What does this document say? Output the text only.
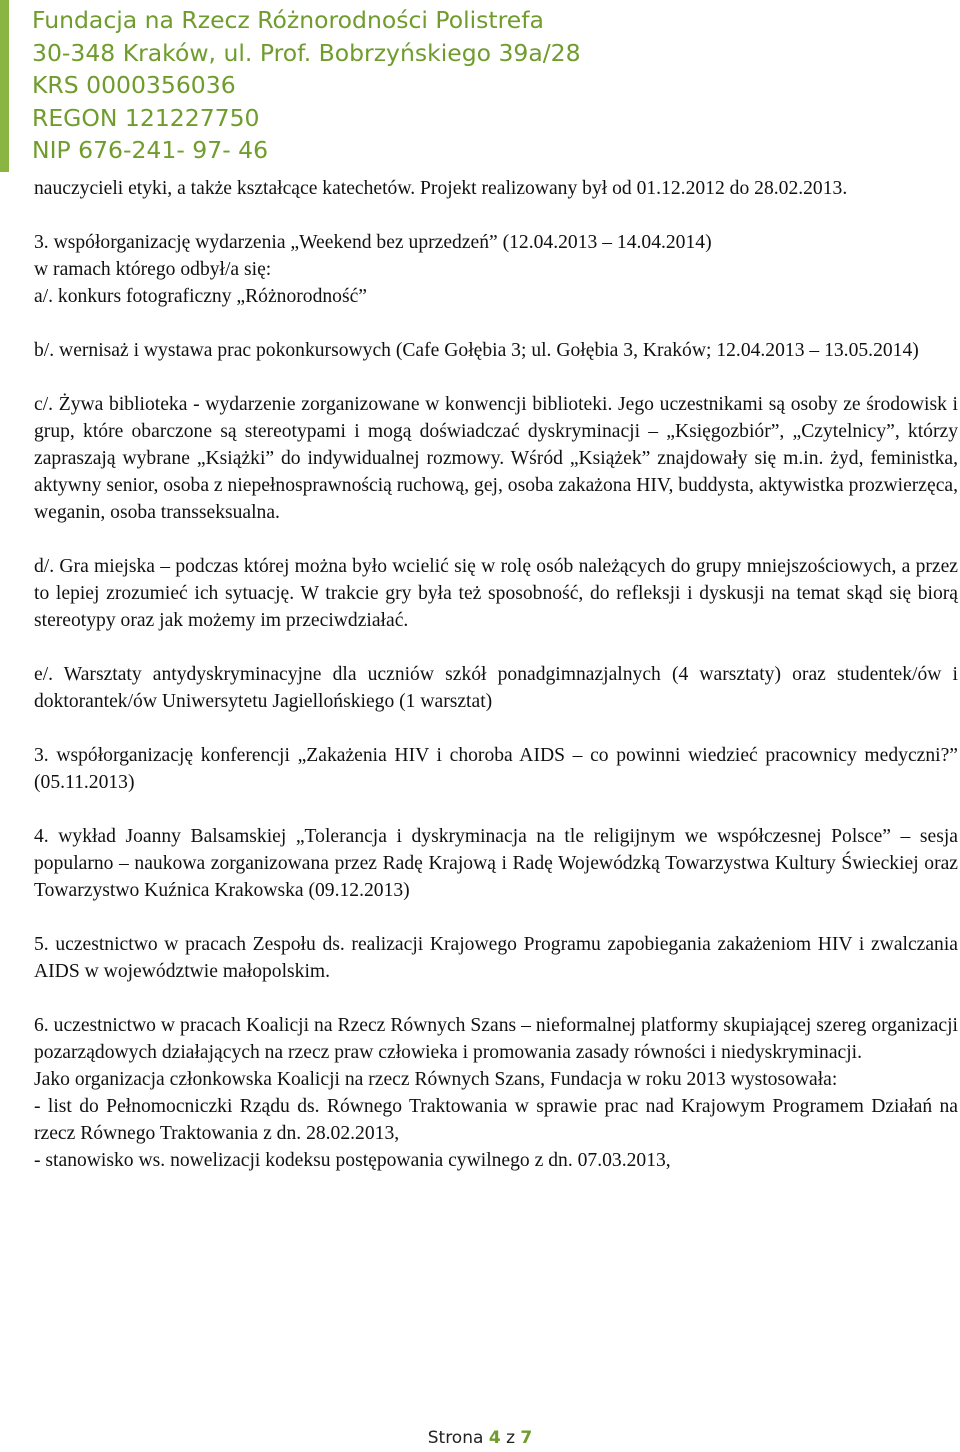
Fundacja na Rzecz Różnorodności Polistrefa
30-348 Kraków, ul. Prof. Bobrzyńskiego 39a/28
KRS 0000356036
REGON 121227750
NIP 676-241- 97- 46

nauczycieli etyki, a także kształcące katechetów. Projekt realizowany był od 01.12.2012 do 28.02.2013.

3. współorganizację wydarzenia „Weekend bez uprzedzeń” (12.04.2013 – 14.04.2014)

w ramach którego odbył/a się:

a/. konkurs fotograficzny „Różnorodność”

b/. wernisaż i wystawa prac pokonkursowych (Cafe Gołębia 3; ul. Gołębia 3, Kraków; 12.04.2013 – 13.05.2014)

c/. Żywa biblioteka - wydarzenie zorganizowane w konwencji biblioteki. Jego uczestnikami są osoby ze środowisk i grup, które obarczone są stereotypami i mogą doświadczać dyskryminacji – „Księgozbiór”, „Czytelnicy”, którzy zapraszają wybrane „Książki” do indywidualnej rozmowy. Wśród „Książek” znajdowały się m.in. żyd, feministka, aktywny senior, osoba z niepełnosprawnością ruchową, gej, osoba zakażona HIV, buddysta, aktywistka prozwierzęca, weganin, osoba transseksualna.

d/. Gra miejska – podczas której można było wcielić się w rolę osób należących do grupy mniejszościowych, a przez to lepiej zrozumieć ich sytuację. W trakcie gry była też sposobność, do refleksji i dyskusji na temat skąd się biorą stereotypy oraz jak możemy im przeciwdziałać.

e/. Warsztaty antydyskryminacyjne dla uczniów szkół ponadgimnazjalnych (4 warsztaty) oraz studentek/ów i doktorantek/ów Uniwersytetu Jagiellońskiego (1 warsztat)

3. współorganizację konferencji „Zakażenia HIV i choroba AIDS – co powinni wiedzieć pracownicy medyczni?” (05.11.2013)

4. wykład Joanny Balsamskiej „Tolerancja i dyskryminacja na tle religijnym we współczesnej Polsce” – sesja popularno – naukowa zorganizowana przez Radę Krajową i Radę Wojewódzką Towarzystwa Kultury Świeckiej oraz Towarzystwo Kuźnica Krakowska (09.12.2013)

5. uczestnictwo w pracach Zespołu ds. realizacji Krajowego Programu zapobiegania zakażeniom HIV i zwalczania AIDS w województwie małopolskim.

6. uczestnictwo w pracach Koalicji na Rzecz Równych Szans – nieformalnej platformy skupiającej szereg organizacji pozarządowych działających na rzecz praw człowieka i promowania zasady równości i niedyskryminacji.

Jako organizacja członkowska Koalicji na rzecz Równych Szans, Fundacja w roku 2013 wystosowała:

- list do Pełnomocniczki Rządu ds. Równego Traktowania w sprawie prac nad Krajowym Programem Działań na rzecz Równego Traktowania z dn. 28.02.2013,

- stanowisko ws. nowelizacji kodeksu postępowania cywilnego z dn. 07.03.2013,

Strona 4 z 7
